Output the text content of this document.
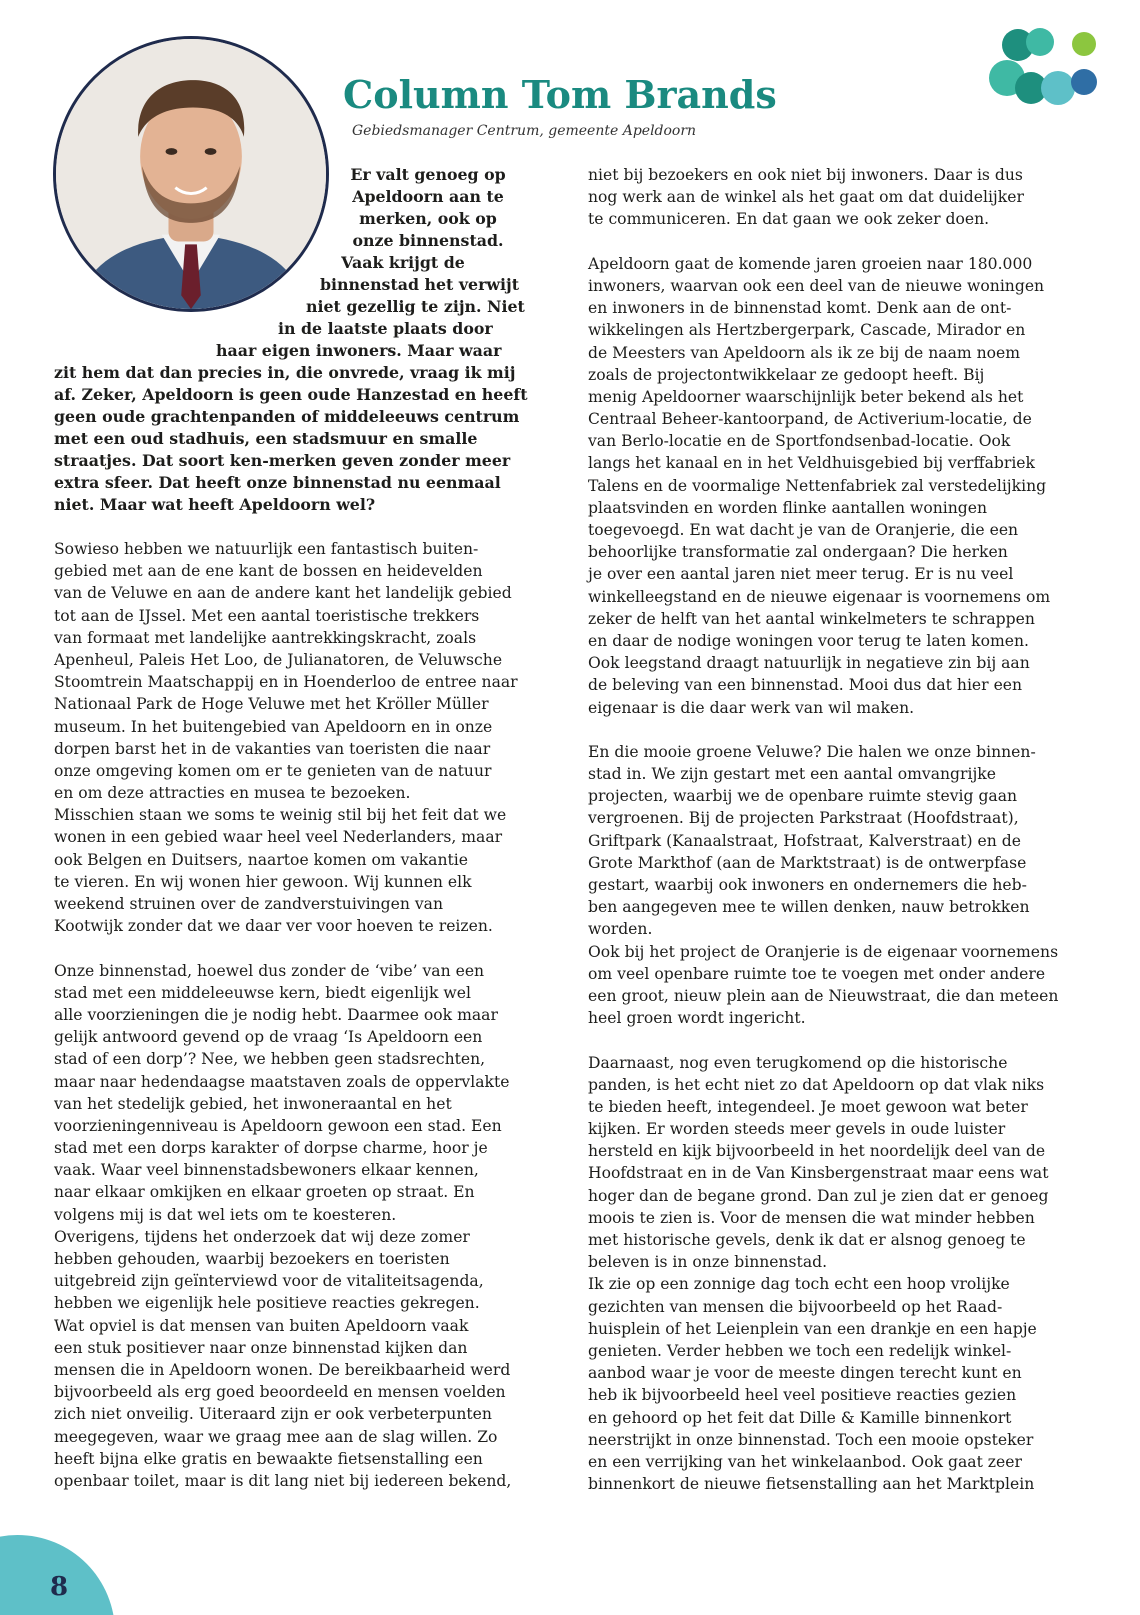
Column Tom Brands
Gebiedsmanager Centrum, gemeente Apeldoorn
Er valt genoeg op
Apeldoorn aan te
merken, ook op
onze binnenstad.
Vaak krijgt de
binnenstad het verwijt
niet gezellig te zijn. Niet
in de laatste plaats door
haar eigen inwoners. Maar waar
zit hem dat dan precies in, die onvrede, vraag ik mij
af. Zeker, Apeldoorn is geen oude Hanzestad en heeft
geen oude grachtenpanden of middeleeuws centrum
met een oud stadhuis, een stadsmuur en smalle
straatjes. Dat soort ken-merken geven zonder meer
extra sfeer. Dat heeft onze binnenstad nu eenmaal
niet. Maar wat heeft Apeldoorn wel?
Sowieso hebben we natuurlijk een fantastisch buiten-
gebied met aan de ene kant de bossen en heidevelden
van de Veluwe en aan de andere kant het landelijk gebied
tot aan de IJssel. Met een aantal toeristische trekkers
van formaat met landelijke aantrekkingskracht, zoals
Apenheul, Paleis Het Loo, de Julianatoren, de Veluwsche
Stoomtrein Maatschappij en in Hoenderloo de entree naar
Nationaal Park de Hoge Veluwe met het Kröller Müller
museum. In het buitengebied van Apeldoorn en in onze
dorpen barst het in de vakanties van toeristen die naar
onze omgeving komen om er te genieten van de natuur
en om deze attracties en musea te bezoeken.
Misschien staan we soms te weinig stil bij het feit dat we
wonen in een gebied waar heel veel Nederlanders, maar
ook Belgen en Duitsers, naartoe komen om vakantie
te vieren. En wij wonen hier gewoon. Wij kunnen elk
weekend struinen over de zandverstuivingen van
Kootwijk zonder dat we daar ver voor hoeven te reizen.
Onze binnenstad, hoewel dus zonder de ‘vibe’ van een
stad met een middeleeuwse kern, biedt eigenlijk wel
alle voorzieningen die je nodig hebt. Daarmee ook maar
gelijk antwoord gevend op de vraag ‘Is Apeldoorn een
stad of een dorp’? Nee, we hebben geen stadsrechten,
maar naar hedendaagse maatstaven zoals de oppervlakte
van het stedelijk gebied, het inwoneraantal en het
voorzieningenniveau is Apeldoorn gewoon een stad. Een
stad met een dorps karakter of dorpse charme, hoor je
vaak. Waar veel binnenstadsbewoners elkaar kennen,
naar elkaar omkijken en elkaar groeten op straat. En
volgens mij is dat wel iets om te koesteren.
Overigens, tijdens het onderzoek dat wij deze zomer
hebben gehouden, waarbij bezoekers en toeristen
uitgebreid zijn geïnterviewd voor de vitaliteitsagenda,
hebben we eigenlijk hele positieve reacties gekregen.
Wat opviel is dat mensen van buiten Apeldoorn vaak
een stuk positiever naar onze binnenstad kijken dan
mensen die in Apeldoorn wonen. De bereikbaarheid werd
bijvoorbeeld als erg goed beoordeeld en mensen voelden
zich niet onveilig. Uiteraard zijn er ook verbeterpunten
meegegeven, waar we graag mee aan de slag willen. Zo
heeft bijna elke gratis en bewaakte fietsenstalling een
openbaar toilet, maar is dit lang niet bij iedereen bekend,
niet bij bezoekers en ook niet bij inwoners. Daar is dus
nog werk aan de winkel als het gaat om dat duidelijker
te communiceren. En dat gaan we ook zeker doen.
Apeldoorn gaat de komende jaren groeien naar 180.000
inwoners, waarvan ook een deel van de nieuwe woningen
en inwoners in de binnenstad komt. Denk aan de ont-
wikkelingen als Hertzbergerpark, Cascade, Mirador en
de Meesters van Apeldoorn als ik ze bij de naam noem
zoals de projectontwikkelaar ze gedoopt heeft. Bij
menig Apeldoorner waarschijnlijk beter bekend als het
Centraal Beheer-kantoorpand, de Activerium-locatie, de
van Berlo-locatie en de Sportfondsenbad-locatie. Ook
langs het kanaal en in het Veldhuisgebied bij verffabriek
Talens en de voormalige Nettenfabriek zal verstedelijking
plaatsvinden en worden flinke aantallen woningen
toegevoegd. En wat dacht je van de Oranjerie, die een
behoorlijke transformatie zal ondergaan? Die herken
je over een aantal jaren niet meer terug. Er is nu veel
winkelleegstand en de nieuwe eigenaar is voornemens om
zeker de helft van het aantal winkelmeters te schrappen
en daar de nodige woningen voor terug te laten komen.
Ook leegstand draagt natuurlijk in negatieve zin bij aan
de beleving van een binnenstad. Mooi dus dat hier een
eigenaar is die daar werk van wil maken.
En die mooie groene Veluwe? Die halen we onze binnen-
stad in. We zijn gestart met een aantal omvangrijke
projecten, waarbij we de openbare ruimte stevig gaan
vergroenen. Bij de projecten Parkstraat (Hoofdstraat),
Griftpark (Kanaalstraat, Hofstraat, Kalverstraat) en de
Grote Markthof (aan de Marktstraat) is de ontwerpfase
gestart, waarbij ook inwoners en ondernemers die heb-
ben aangegeven mee te willen denken, nauw betrokken
worden.
Ook bij het project de Oranjerie is de eigenaar voornemens
om veel openbare ruimte toe te voegen met onder andere
een groot, nieuw plein aan de Nieuwstraat, die dan meteen
heel groen wordt ingericht.
Daarnaast, nog even terugkomend op die historische
panden, is het echt niet zo dat Apeldoorn op dat vlak niks
te bieden heeft, integendeel. Je moet gewoon wat beter
kijken. Er worden steeds meer gevels in oude luister
hersteld en kijk bijvoorbeeld in het noordelijk deel van de
Hoofdstraat en in de Van Kinsbergenstraat maar eens wat
hoger dan de begane grond. Dan zul je zien dat er genoeg
moois te zien is. Voor de mensen die wat minder hebben
met historische gevels, denk ik dat er alsnog genoeg te
beleven is in onze binnenstad.
Ik zie op een zonnige dag toch echt een hoop vrolijke
gezichten van mensen die bijvoorbeeld op het Raad-
huisplein of het Leienplein van een drankje en een hapje
genieten. Verder hebben we toch een redelijk winkel-
aanbod waar je voor de meeste dingen terecht kunt en
heb ik bijvoorbeeld heel veel positieve reacties gezien
en gehoord op het feit dat Dille & Kamille binnenkort
neerstrijkt in onze binnenstad. Toch een mooie opsteker
en een verrijking van het winkelaanbod. Ook gaat zeer
binnenkort de nieuwe fietsenstalling aan het Marktplein
8
